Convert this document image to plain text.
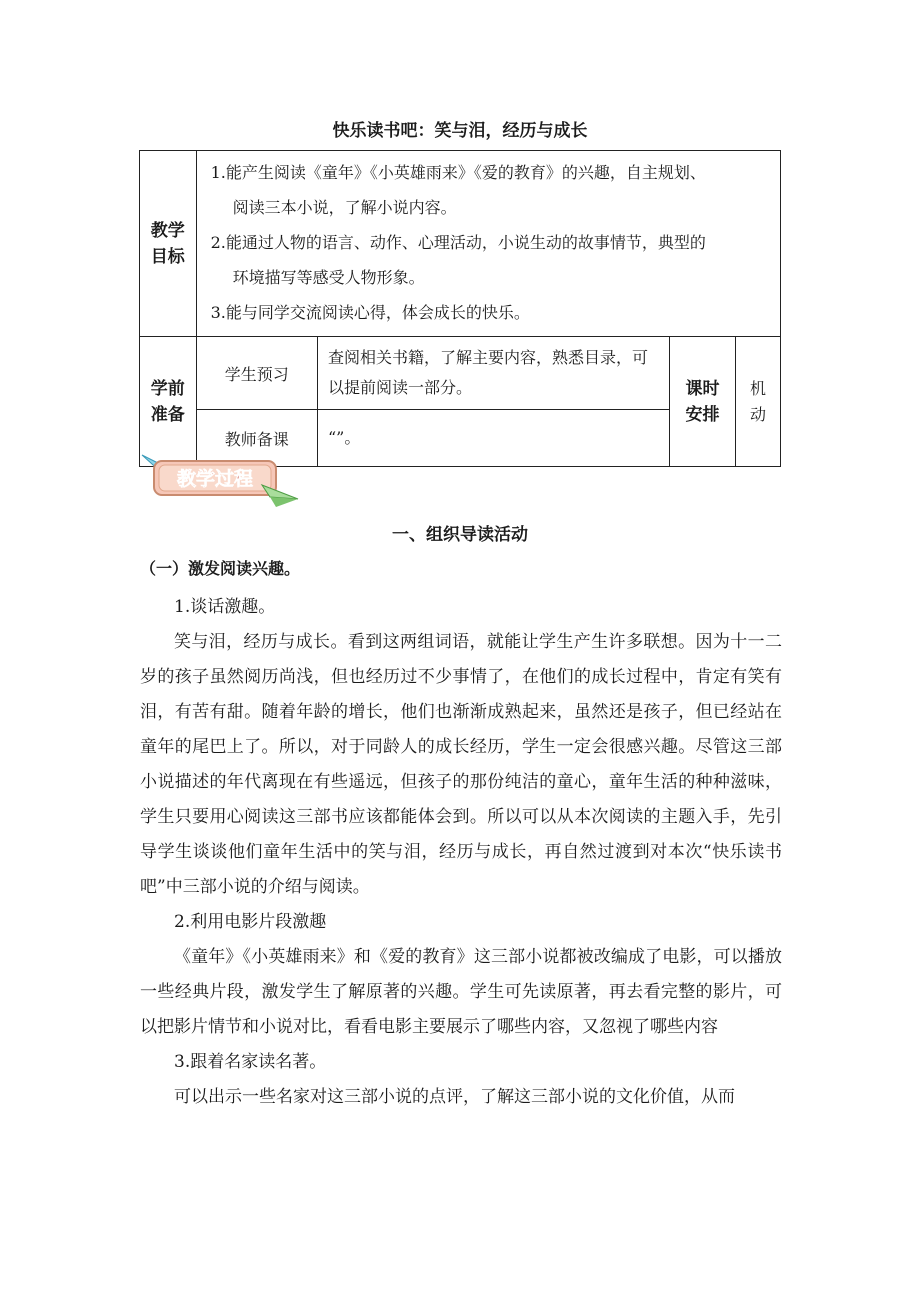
快乐读书吧：笑与泪，经历与成长
教学目标	1.能产生阅读《童年》《小英雄雨来》《爱的教育》的兴趣，自主规划、
阅读三本小说，了解小说内容。
2.能通过人物的语言、动作、心理活动，小说生动的故事情节，典型的
环境描写等感受人物形象。
3.能与同学交流阅读心得，体会成长的快乐。			

学前准备	学生预习	查阅相关书籍，了解主要内容，熟悉目录，可以提前阅读一部分。	课时安排	机动
	教师备课	“”。		
教学过程
一、组织导读活动
（一）激发阅读兴趣。

1.谈话激趣。

笑与泪，经历与成长。看到这两组词语，就能让学生产生许多联想。因为十一二岁的孩子虽然阅历尚浅，但也经历过不少事情了，在他们的成长过程中，肯定有笑有泪，有苦有甜。随着年龄的增长，他们也渐渐成熟起来，虽然还是孩子，但已经站在童年的尾巴上了。所以，对于同龄人的成长经历，学生一定会很感兴趣。尽管这三部小说描述的年代离现在有些遥远，但孩子的那份纯洁的童心，童年生活的种种滋味，学生只要用心阅读这三部书应该都能体会到。所以可以从本次阅读的主题入手，先引导学生谈谈他们童年生活中的笑与泪，经历与成长，再自然过渡到对本次“快乐读书吧”中三部小说的介绍与阅读。

2.利用电影片段激趣

《童年》《小英雄雨来》和《爱的教育》这三部小说都被改编成了电影，可以播放一些经典片段，激发学生了解原著的兴趣。学生可先读原著，再去看完整的影片，可以把影片情节和小说对比，看看电影主要展示了哪些内容，又忽视了哪些内容

3.跟着名家读名著。

可以出示一些名家对这三部小说的点评，了解这三部小说的文化价值，从而
